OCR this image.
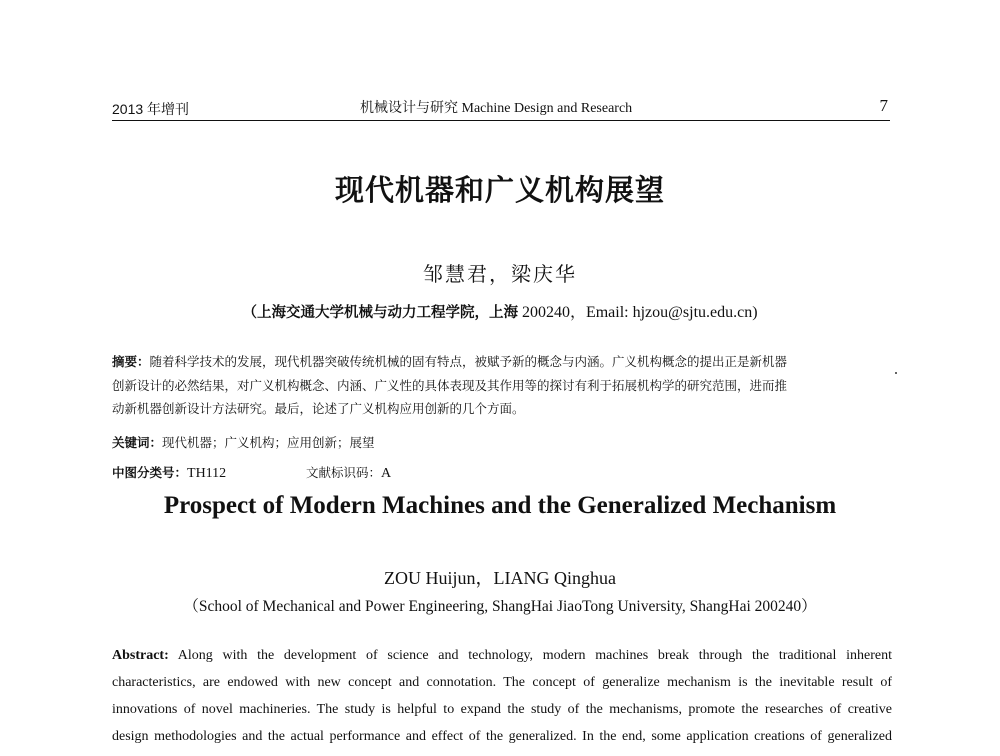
2013 年增刊	机械设计与研究 Machine Design and Research	7
现代机器和广义机构展望
邹慧君，梁庆华
（上海交通大学机械与动力工程学院，上海 200240，Email: hjzou@sjtu.edu.cn)
摘要：随着科学技术的发展，现代机器突破传统机械的固有特点，被赋予新的概念与内涵。广义机构概念的提出正是新机器
创新设计的必然结果，对广义机构概念、内涵、广义性的具体表现及其作用等的探讨有利于拓展机构学的研究范围，进而推
动新机器创新设计方法研究。最后，论述了广义机构应用创新的几个方面。
关键词：现代机器；广义机构；应用创新；展望
中图分类号：TH112	文献标识码：A
Prospect of Modern Machines and the Generalized Mechanism
ZOU Huijun，LIANG Qinghua
（School of Mechanical and Power Engineering, ShangHai JiaoTong University, ShangHai 200240）
Abstract: Along with the development of science and technology, modern machines break through the traditional inherent
characteristics, are endowed with new concept and connotation. The concept of generalize mechanism is the inevitable result of
innovations of novel machineries. The study is helpful to expand the study of the mechanisms, promote the researches of creative
design methodologies and the actual performance and effect of the generalized. In the end, some application creations of generalized
